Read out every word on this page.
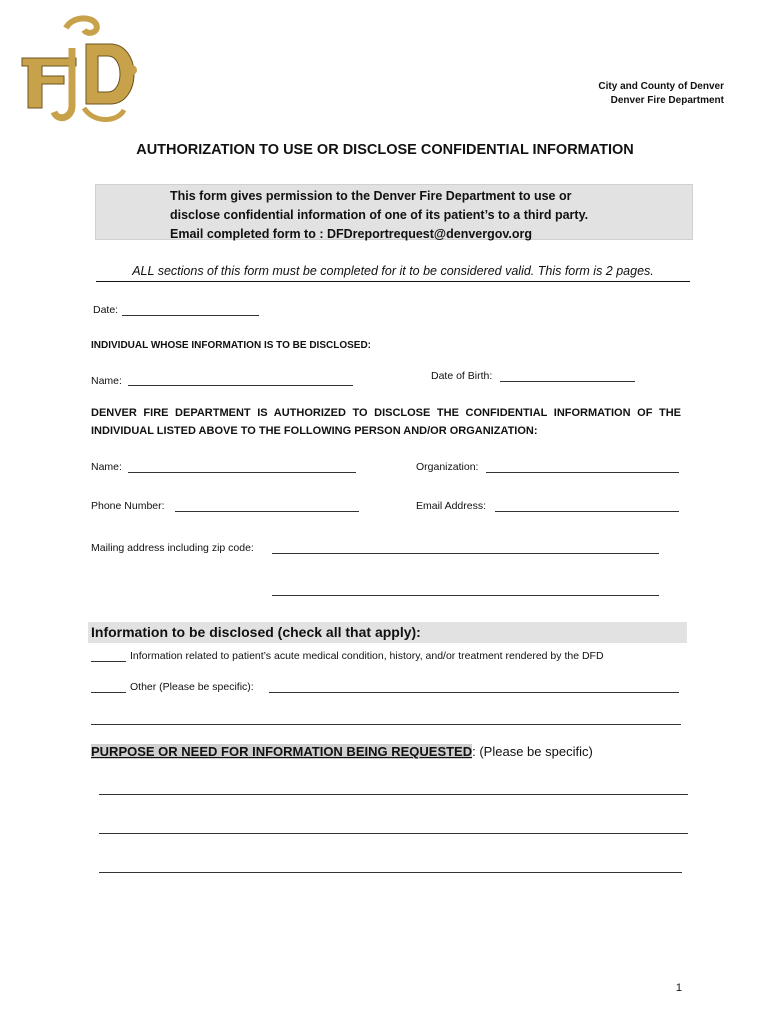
City and County of Denver
Denver Fire Department
AUTHORIZATION TO USE OR DISCLOSE CONFIDENTIAL INFORMATION
This form gives permission to the Denver Fire Department to use or
disclose confidential information of one of its patient’s to a third party.
Email completed form to : DFDreportrequest@denvergov.org
ALL sections of this form must be completed for it to be considered valid. This form is 2 pages.
Date:
INDIVIDUAL WHOSE INFORMATION IS TO BE DISCLOSED:
Name:	Date of Birth:
DENVER FIRE DEPARTMENT IS AUTHORIZED TO DISCLOSE THE CONFIDENTIAL INFORMATION OF THE
INDIVIDUAL LISTED ABOVE TO THE FOLLOWING PERSON AND/OR ORGANIZATION:
Name:	Organization:
Phone Number:	Email Address:
Mailing address including zip code:
Information to be disclosed (check all that apply):
Information related to patient’s acute medical condition, history, and/or treatment rendered by the DFD
Other (Please be specific):
PURPOSE OR NEED FOR INFORMATION BEING REQUESTED: (Please be specific)
1
